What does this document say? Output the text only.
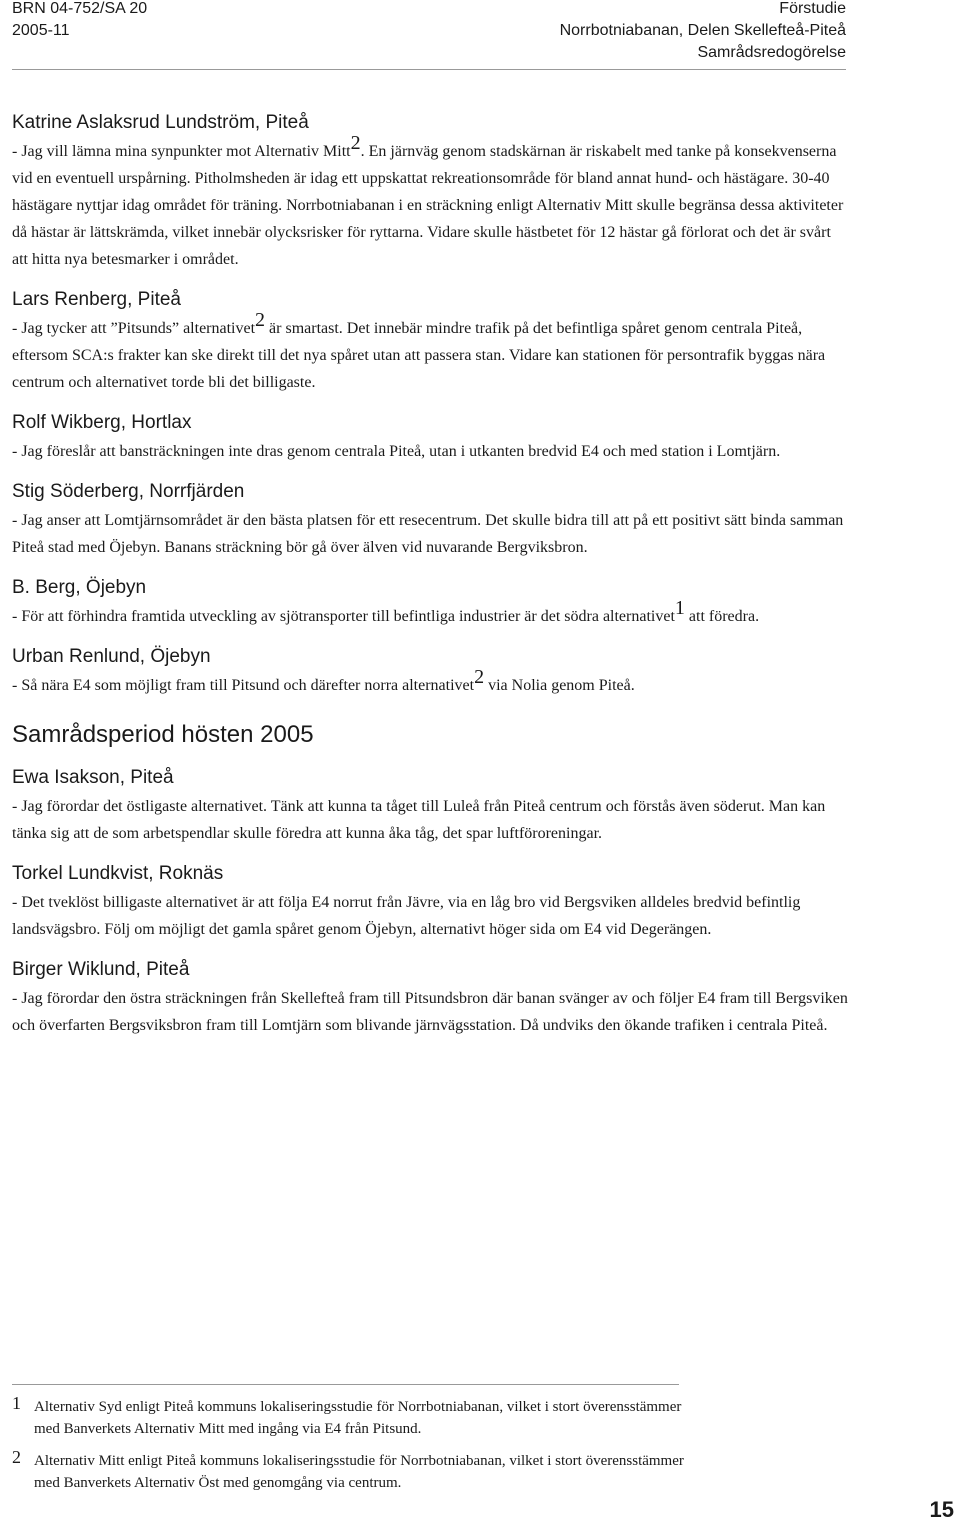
BRN 04-752/SA 20
2005-11
Förstudie
Norrbotniabanan, Delen Skellefteå-Piteå
Samrådsredogörelse
Katrine Aslaksrud Lundström, Piteå

- Jag vill lämna mina synpunkter mot Alternativ Mitt2. En järnväg genom stadskärnan är riskabelt med tanke på konsekvenserna vid en eventuell urspårning. Pitholmsheden är idag ett uppskattat rekreationsområde för bland annat hund- och hästägare. 30-40 hästägare nyttjar idag området för träning. Norrbotniabanan i en sträckning enligt Alternativ Mitt skulle begränsa dessa aktiviteter då hästar är lättskrämda, vilket innebär olycksrisker för ryttarna. Vidare skulle hästbetet för 12 hästar gå förlorat och det är svårt att hitta nya betesmarker i området.

Lars Renberg, Piteå

- Jag tycker att ”Pitsunds” alternativet2 är smartast. Det innebär mindre trafik på det befintliga spåret genom centrala Piteå, eftersom SCA:s frakter kan ske direkt till det nya spåret utan att passera stan. Vidare kan stationen för persontrafik byggas nära centrum och alternativet torde bli det billigaste.

Rolf Wikberg, Hortlax

- Jag föreslår att bansträckningen inte dras genom centrala Piteå, utan i utkanten bredvid E4 och med station i Lomtjärn.

Stig Söderberg, Norrfjärden

- Jag anser att Lomtjärnsområdet är den bästa platsen för ett resecentrum. Det skulle bidra till att på ett positivt sätt binda samman Piteå stad med Öjebyn. Banans sträckning bör gå över älven vid nuvarande Bergviksbron.

B. Berg, Öjebyn

- För att förhindra framtida utveckling av sjötransporter till befintliga industrier är det södra alternativet1 att föredra.

Urban Renlund, Öjebyn

- Så nära E4 som möjligt fram till Pitsund och därefter norra alternativet2 via Nolia genom Piteå.

Samrådsperiod hösten 2005
Ewa Isakson, Piteå

- Jag förordar det östligaste alternativet. Tänk att kunna ta tåget till Luleå från Piteå centrum och förstås även söderut. Man kan tänka sig att de som arbetspendlar skulle föredra att kunna åka tåg, det spar luftföroreningar.

Torkel Lundkvist, Roknäs

- Det tveklöst billigaste alternativet är att följa E4 norrut från Jävre, via en låg bro vid Bergsviken alldeles bredvid befintlig landsvägsbro. Följ om möjligt det gamla spåret genom Öjebyn, alternativt höger sida om E4 vid Degerängen.

Birger Wiklund, Piteå

- Jag förordar den östra sträckningen från Skellefteå fram till Pitsundsbron där banan svänger av och följer E4 fram till Bergsviken och överfarten Bergsviksbron fram till Lomtjärn som blivande järnvägsstation. Då undviks den ökande trafiken i centrala Piteå.

1 Alternativ Syd enligt Piteå kommuns lokaliseringsstudie för Norrbotniabanan, vilket i stort överensstämmer med Banverkets Alternativ Mitt med ingång via E4 från Pitsund.
2 Alternativ Mitt enligt Piteå kommuns lokaliseringsstudie för Norrbotniabanan, vilket i stort överensstämmer med Banverkets Alternativ Öst med genomgång via centrum.
15
